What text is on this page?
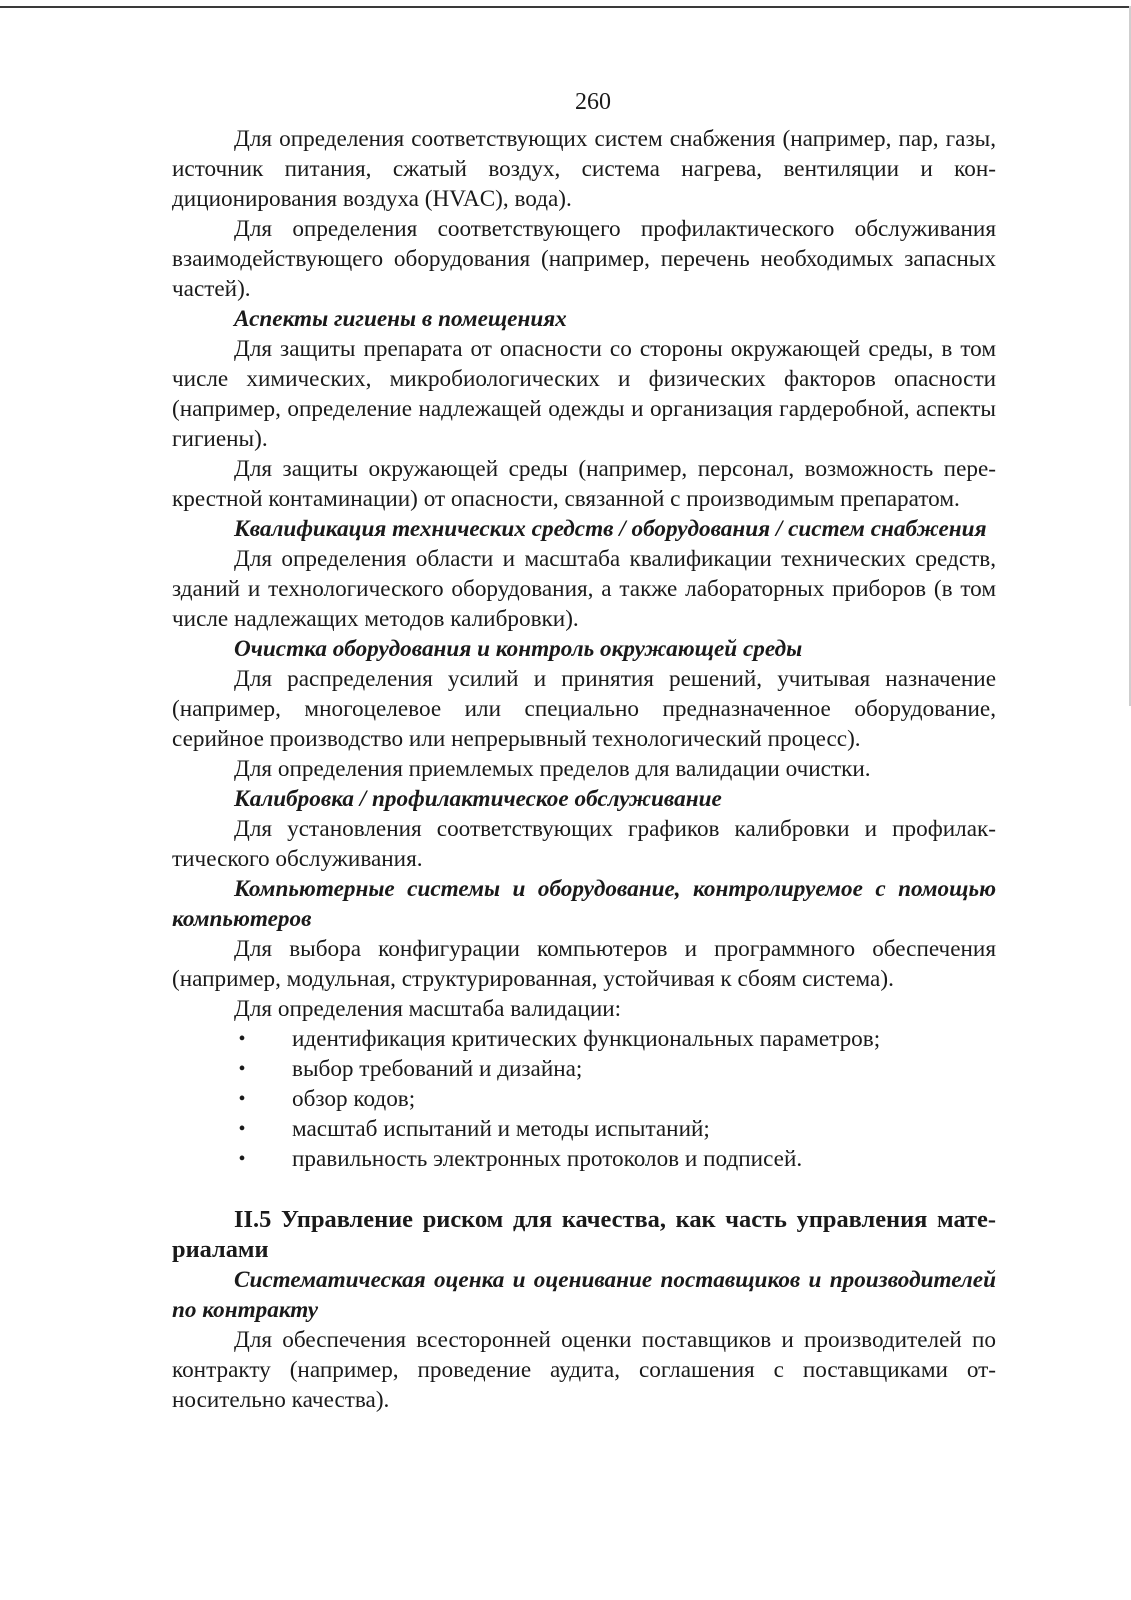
260

Для определения соответствующих систем снабжения (например, пар, газы, источник питания, сжатый воздух, система нагрева, вентиляции и кондиционирования воздуха (HVAC), вода).

Для определения соответствующего профилактического обслуживания взаимодействующего оборудования (например, перечень необходимых запасных частей).

Аспекты гигиены в помещениях

Для защиты препарата от опасности со стороны окружающей среды, в том числе химических, микробиологических и физических факторов опасности (например, определение надлежащей одежды и организация гардеробной, аспекты гигиены).

Для защиты окружающей среды (например, персонал, возможность перекрестной контаминации) от опасности, связанной с производимым препаратом.

Квалификация технических средств / оборудования / систем снабжения

Для определения области и масштаба квалификации технических средств, зданий и технологического оборудования, а также лабораторных приборов (в том числе надлежащих методов калибровки).

Очистка оборудования и контроль окружающей среды

Для распределения усилий и принятия решений, учитывая назначение (например, многоцелевое или специально предназначенное оборудование, серийное производство или непрерывный технологический процесс).

Для определения приемлемых пределов для валидации очистки.

Калибровка / профилактическое обслуживание

Для установления соответствующих графиков калибровки и профилактического обслуживания.

Компьютерные системы и оборудование, контролируемое с помощью компьютеров

Для выбора конфигурации компьютеров и программного обеспечения (например, модульная, структурированная, устойчивая к сбоям система).

Для определения масштаба валидации:

• идентификация критических функциональных параметров;
• выбор требований и дизайна;
• обзор кодов;
• масштаб испытаний и методы испытаний;
• правильность электронных протоколов и подписей.

II.5 Управление риском для качества, как часть управления материалами

Систематическая оценка и оценивание поставщиков и производителей по контракту

Для обеспечения всесторонней оценки поставщиков и производителей по контракту (например, проведение аудита, соглашения с поставщиками относительно качества).
